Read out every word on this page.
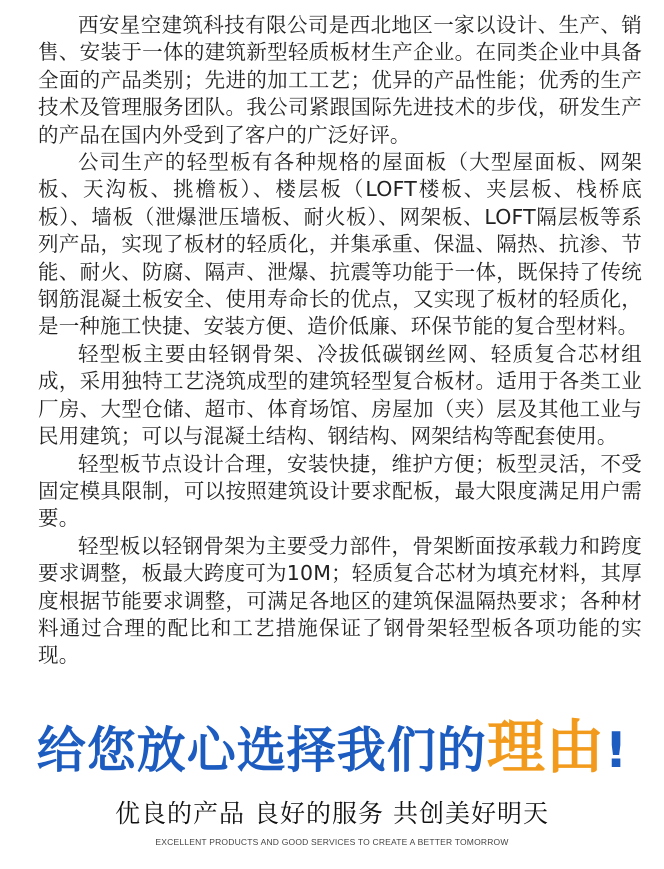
西安星空建筑科技有限公司是西北地区一家以设计、生产、销售、安装于一体的建筑新型轻质板材生产企业。在同类企业中具备全面的产品类别；先进的加工工艺；优异的产品性能；优秀的生产技术及管理服务团队。我公司紧跟国际先进技术的步伐，研发生产的产品在国内外受到了客户的广泛好评。

公司生产的轻型板有各种规格的屋面板（大型屋面板、网架板、天沟板、挑檐板）、楼层板（LOFT楼板、夹层板、栈桥底板）、墙板（泄爆泄压墙板、耐火板）、网架板、LOFT隔层板等系列产品，实现了板材的轻质化，并集承重、保温、隔热、抗渗、节能、耐火、防腐、隔声、泄爆、抗震等功能于一体，既保持了传统钢筋混凝土板安全、使用寿命长的优点，又实现了板材的轻质化，是一种施工快捷、安装方便、造价低廉、环保节能的复合型材料。

轻型板主要由轻钢骨架、冷拔低碳钢丝网、轻质复合芯材组成，采用独特工艺浇筑成型的建筑轻型复合板材。适用于各类工业厂房、大型仓储、超市、体育场馆、房屋加（夹）层及其他工业与民用建筑；可以与混凝土结构、钢结构、网架结构等配套使用。

轻型板节点设计合理，安装快捷，维护方便；板型灵活，不受固定模具限制，可以按照建筑设计要求配板，最大限度满足用户需要。

轻型板以轻钢骨架为主要受力部件，骨架断面按承载力和跨度要求调整，板最大跨度可为10M；轻质复合芯材为填充材料，其厚度根据节能要求调整，可满足各地区的建筑保温隔热要求；各种材料通过合理的配比和工艺措施保证了钢骨架轻型板各项功能的实现。

给您放心选择我们的理由!
优良的产品 良好的服务 共创美好明天
EXCELLENT PRODUCTS AND GOOD SERVICES TO CREATE A BETTER TOMORROW
